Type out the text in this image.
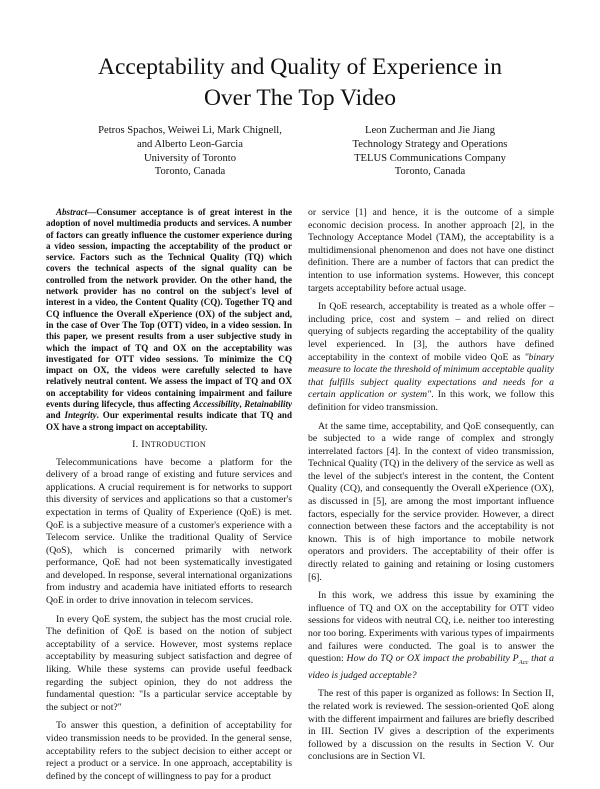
Acceptability and Quality of Experience in
Over The Top Video
Petros Spachos, Weiwei Li, Mark Chignell,
and Alberto Leon-Garcia
University of Toronto
Toronto, Canada
Leon Zucherman and Jie Jiang
Technology Strategy and Operations
TELUS Communications Company
Toronto, Canada

Abstract—Consumer acceptance is of great interest in the adoption of novel multimedia products and services. A number of factors can greatly influence the customer experience during a video session, impacting the acceptability of the product or service. Factors such as the Technical Quality (TQ) which covers the technical aspects of the signal quality can be controlled from the network provider. On the other hand, the network provider has no control on the subject's level of interest in a video, the Content Quality (CQ). Together TQ and CQ influence the Overall eXperience (OX) of the subject and, in the case of Over The Top (OTT) video, in a video session. In this paper, we present results from a user subjective study in which the impact of TQ and OX on the acceptability was investigated for OTT video sessions. To minimize the CQ impact on OX, the videos were carefully selected to have relatively neutral content. We assess the impact of TQ and OX on acceptability for videos containing impairment and failure events during lifecycle, thus affecting Accessibility, Retainability and Integrity. Our experimental results indicate that TQ and OX have a strong impact on acceptability.

I. INTRODUCTION

Telecommunications have become a platform for the delivery of a broad range of existing and future services and applications. A crucial requirement is for networks to support this diversity of services and applications so that a customer's expectation in terms of Quality of Experience (QoE) is met. QoE is a subjective measure of a customer's experience with a Telecom service. Unlike the traditional Quality of Service (QoS), which is concerned primarily with network performance, QoE had not been systematically investigated and developed. In response, several international organizations from industry and academia have initiated efforts to research QoE in order to drive innovation in telecom services.

In every QoE system, the subject has the most crucial role. The definition of QoE is based on the notion of subject acceptability of a service. However, most systems replace acceptability by measuring subject satisfaction and degree of liking. While these systems can provide useful feedback regarding the subject opinion, they do not address the fundamental question: "Is a particular service acceptable by the subject or not?"

To answer this question, a definition of acceptability for video transmission needs to be provided. In the general sense, acceptability refers to the subject decision to either accept or reject a product or a service. In one approach, acceptability is defined by the concept of willingness to pay for a product

or service [1] and hence, it is the outcome of a simple economic decision process. In another approach [2], in the Technology Acceptance Model (TAM), the acceptability is a multidimensional phenomenon and does not have one distinct definition. There are a number of factors that can predict the intention to use information systems. However, this concept targets acceptability before actual usage.

In QoE research, acceptability is treated as a whole offer – including price, cost and system – and relied on direct querying of subjects regarding the acceptability of the quality level experienced. In [3], the authors have defined acceptability in the context of mobile video QoE as "binary measure to locate the threshold of minimum acceptable quality that fulfills subject quality expectations and needs for a certain application or system". In this work, we follow this definition for video transmission.

At the same time, acceptability, and QoE consequently, can be subjected to a wide range of complex and strongly interrelated factors [4]. In the context of video transmission, Technical Quality (TQ) in the delivery of the service as well as the level of the subject's interest in the content, the Content Quality (CQ), and consequently the Overall eXperience (OX), as discussed in [5], are among the most important influence factors, especially for the service provider. However, a direct connection between these factors and the acceptability is not known. This is of high importance to mobile network operators and providers. The acceptability of their offer is directly related to gaining and retaining or losing customers [6].

In this work, we address this issue by examining the influence of TQ and OX on the acceptability for OTT video sessions for videos with neutral CQ, i.e. neither too interesting nor too boring. Experiments with various types of impairments and failures were conducted. The goal is to answer the question: How do TQ or OX impact the probability $P_{Acc}$ that a video is judged acceptable?

The rest of this paper is organized as follows: In Section II, the related work is reviewed. The session-oriented QoE along with the different impairment and failures are briefly described in III. Section IV gives a description of the experiments followed by a discussion on the results in Section V. Our conclusions are in Section VI.
